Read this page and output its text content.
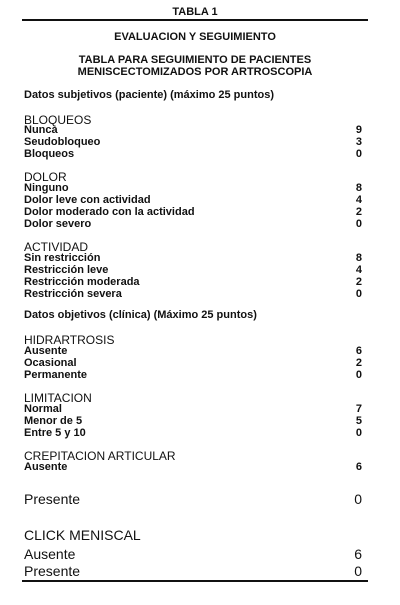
TABLA 1
EVALUACION Y SEGUIMIENTO
TABLA PARA SEGUIMIENTO DE PACIENTES
MENISCECTOMIZADOS POR ARTROSCOPIA
Datos subjetivos (paciente) (máximo 25 puntos)
BLOQUEOS
Nunca	9
Seudobloqueo	3
Bloqueos	0
DOLOR
Ninguno	8
Dolor leve con actividad	4
Dolor moderado con la actividad	2
Dolor severo	0
ACTIVIDAD
Sin restricción	8
Restricción leve	4
Restricción moderada	2
Restricción severa	0
Datos objetivos (clínica) (Máximo 25 puntos)
HIDRARTROSIS
Ausente	6
Ocasional	2
Permanente	0
LIMITACION
Normal	7
Menor de 5	5
Entre 5 y 10	0
CREPITACION ARTICULAR
Ausente	6
Presente	0
CLICK MENISCAL
Ausente	6
Presente	0
